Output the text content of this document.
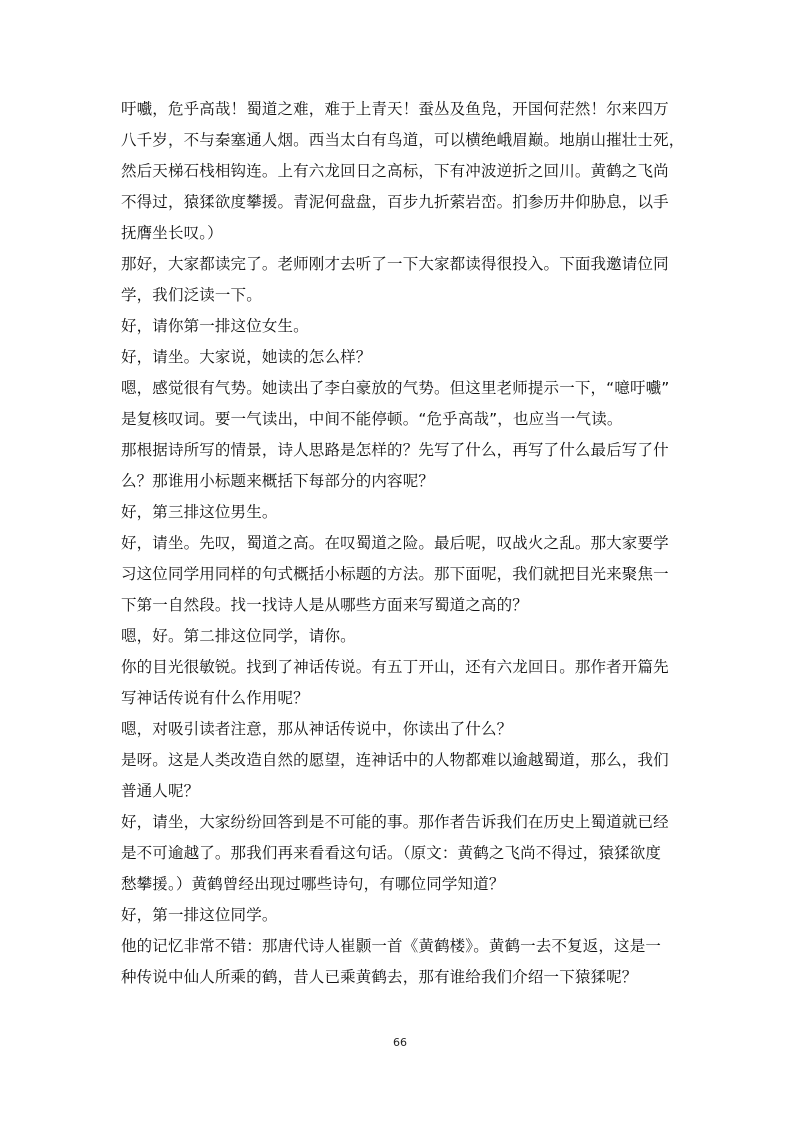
吁嚱，危乎高哉！蜀道之难，难于上青天！蚕丛及鱼凫，开国何茫然！尔来四万
八千岁，不与秦塞通人烟。西当太白有鸟道，可以横绝峨眉巅。地崩山摧壮士死，
然后天梯石栈相钩连。上有六龙回日之高标，下有冲波逆折之回川。黄鹤之飞尚
不得过，猿猱欲度攀援。青泥何盘盘，百步九折萦岩峦。扪参历井仰胁息，以手
抚膺坐长叹。）
那好，大家都读完了。老师刚才去听了一下大家都读得很投入。下面我邀请位同
学，我们泛读一下。
好，请你第一排这位女生。
好，请坐。大家说，她读的怎么样？
嗯，感觉很有气势。她读出了李白豪放的气势。但这里老师提示一下，“噫吁嚱”
是复核叹词。要一气读出，中间不能停顿。“危乎高哉”，也应当一气读。
那根据诗所写的情景，诗人思路是怎样的？先写了什么，再写了什么最后写了什
么？那谁用小标题来概括下每部分的内容呢？
好，第三排这位男生。
好，请坐。先叹，蜀道之高。在叹蜀道之险。最后呢，叹战火之乱。那大家要学
习这位同学用同样的句式概括小标题的方法。那下面呢，我们就把目光来聚焦一
下第一自然段。找一找诗人是从哪些方面来写蜀道之高的？
嗯，好。第二排这位同学，请你。
你的目光很敏锐。找到了神话传说。有五丁开山，还有六龙回日。那作者开篇先
写神话传说有什么作用呢？
嗯，对吸引读者注意，那从神话传说中，你读出了什么？
是呀。这是人类改造自然的愿望，连神话中的人物都难以逾越蜀道，那么，我们
普通人呢？
好，请坐，大家纷纷回答到是不可能的事。那作者告诉我们在历史上蜀道就已经
是不可逾越了。那我们再来看看这句话。（原文：黄鹤之飞尚不得过，猿猱欲度
愁攀援。）黄鹤曾经出现过哪些诗句，有哪位同学知道？
好，第一排这位同学。
他的记忆非常不错：那唐代诗人崔颢一首《黄鹤楼》。黄鹤一去不复返，这是一
种传说中仙人所乘的鹤，昔人已乘黄鹤去，那有谁给我们介绍一下猿猱呢？
66
